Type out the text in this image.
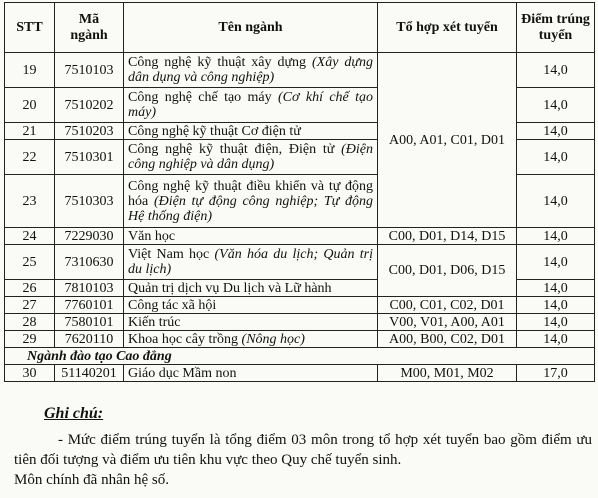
STT	Mã ngành	Tên ngành	Tổ hợp xét tuyển	Điểm trúng tuyển
19	7510103	Công nghệ kỹ thuật xây dựng (Xây dựng dân dụng và công nghiệp)	A00, A01, C01, D01	14,0
20	7510202	Công nghệ chế tạo máy (Cơ khí chế tạo máy)		14,0
21	7510203	Công nghệ kỹ thuật Cơ điện tử		14,0
22	7510301	Công nghệ kỹ thuật điện, Điện tử (Điện công nghiệp và dân dụng)		14,0
23	7510303	Công nghệ kỹ thuật điều khiển và tự động hóa (Điện tự động công nghiệp; Tự động Hệ thống điện)		14,0
24	7229030	Văn học	C00, D01, D14, D15	14,0
25	7310630	Việt Nam học (Văn hóa du lịch; Quản trị du lịch)	C00, D01, D06, D15	14,0
26	7810103	Quản trị dịch vụ Du lịch và Lữ hành		14,0
27	7760101	Công tác xã hội	C00, C01, C02, D01	14,0
28	7580101	Kiến trúc	V00, V01, A00, A01	14,0
29	7620110	Khoa học cây trồng (Nông học)	A00, B00, C02, D01	14,0
Ngành đào tạo Cao đẳng				
30	51140201	Giáo dục Mầm non	M00, M01, M02	17,0
Ghi chú:

- Mức điểm trúng tuyển là tổng điểm 03 môn trong tổ hợp xét tuyển bao gồm điểm ưu tiên đối tượng và điểm ưu tiên khu vực theo Quy chế tuyển sinh.

Môn chính đã nhân hệ số.
